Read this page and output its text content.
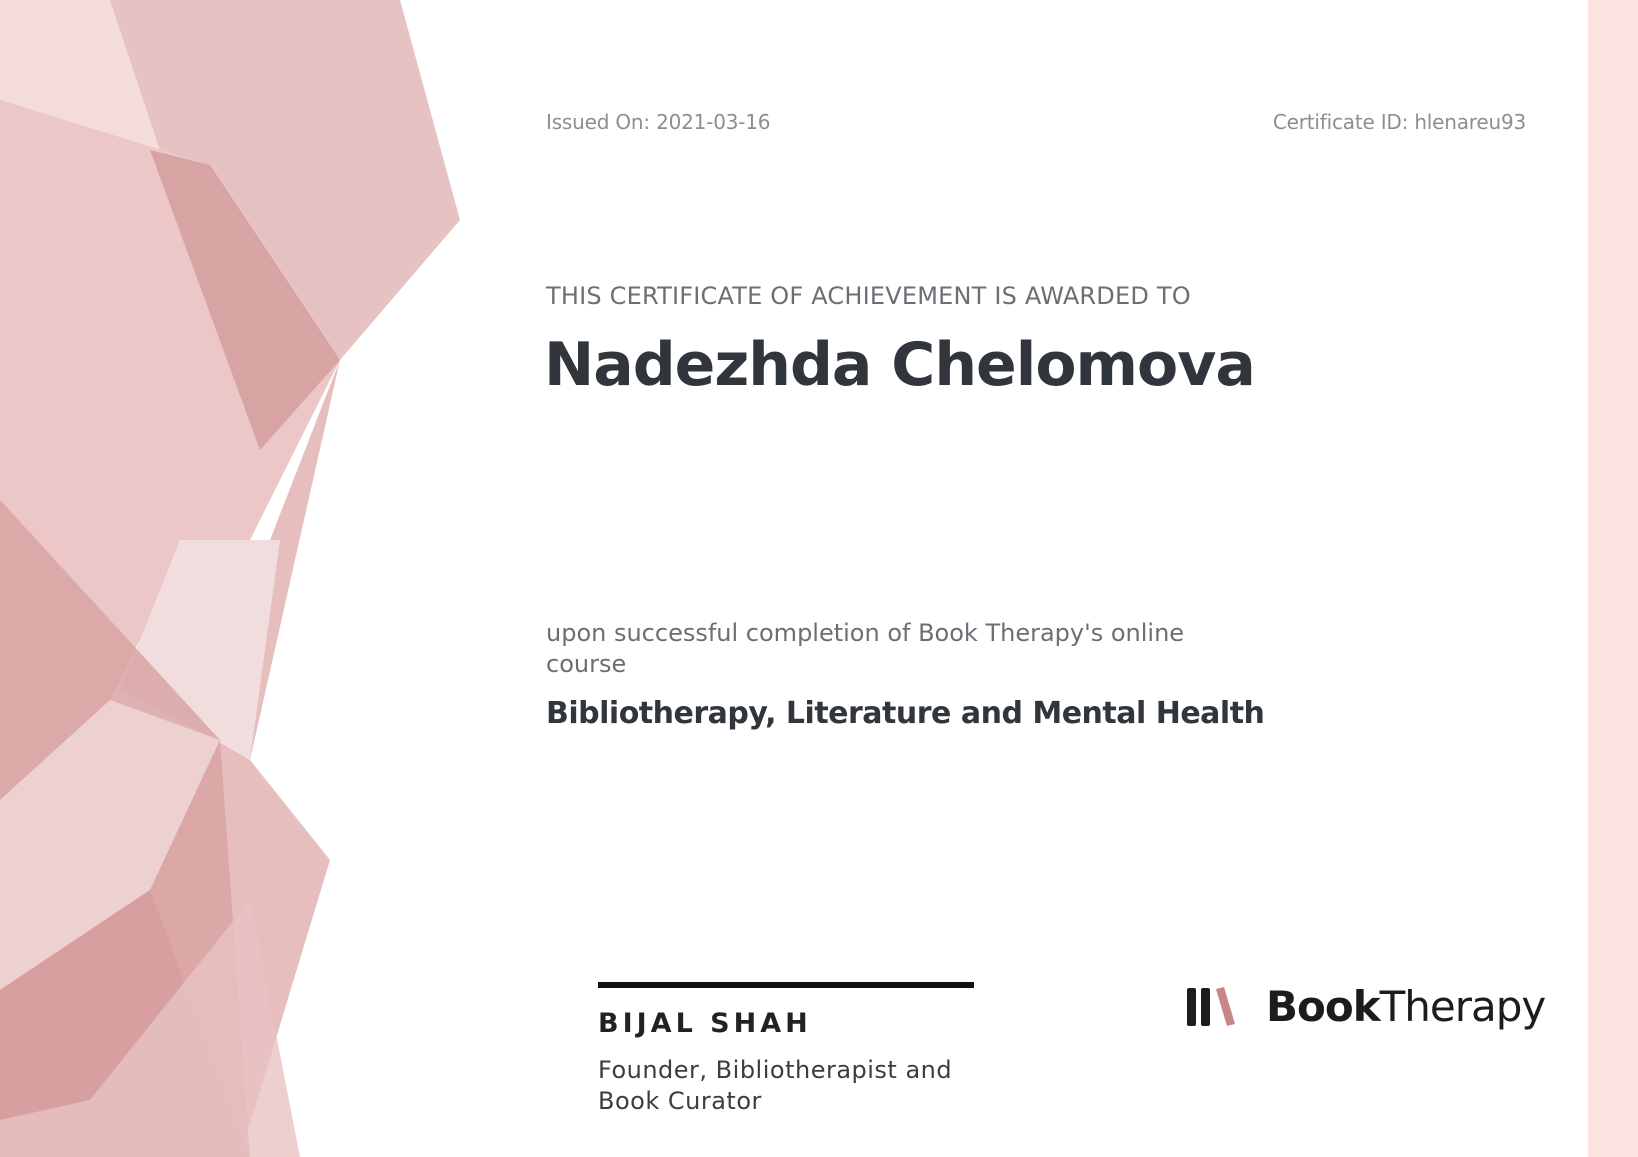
Issued On: 2021-03-16	Certificate ID: hlenareu93
THIS CERTIFICATE OF ACHIEVEMENT IS AWARDED TO
Nadezhda Chelomova
upon successful completion of Book Therapy's online course
Bibliotherapy, Literature and Mental Health
BIJAL SHAH
Founder, Bibliotherapist and Book Curator
BookTherapy
